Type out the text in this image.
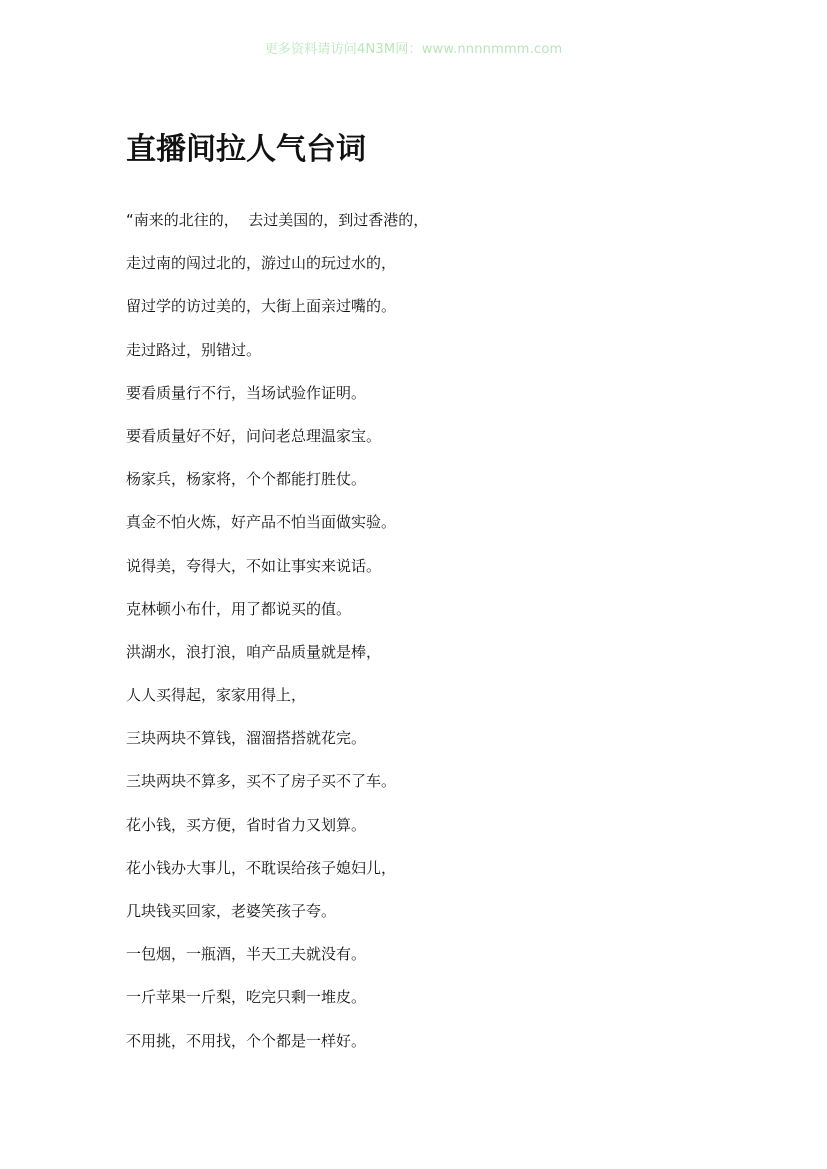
更多资料请访问4N3M网：www.nnnnmmm.com
直播间拉人气台词
“南来的北往的，  去过美国的，到过香港的，
走过南的闯过北的，游过山的玩过水的，
留过学的访过美的，大街上面亲过嘴的。
走过路过，别错过。
要看质量行不行，当场试验作证明。
要看质量好不好，问问老总理温家宝。
杨家兵，杨家将，个个都能打胜仗。
真金不怕火炼，好产品不怕当面做实验。
说得美，夸得大，不如让事实来说话。
克林顿小布什，用了都说买的值。
洪湖水，浪打浪，咱产品质量就是棒，
人人买得起，家家用得上，
三块两块不算钱，溜溜搭搭就花完。
三块两块不算多，买不了房子买不了车。
花小钱，买方便，省时省力又划算。
花小钱办大事儿，不耽误给孩子媳妇儿，
几块钱买回家，老婆笑孩子夸。
一包烟，一瓶酒，半天工夫就没有。
一斤苹果一斤梨，吃完只剩一堆皮。
不用挑，不用找，个个都是一样好。
